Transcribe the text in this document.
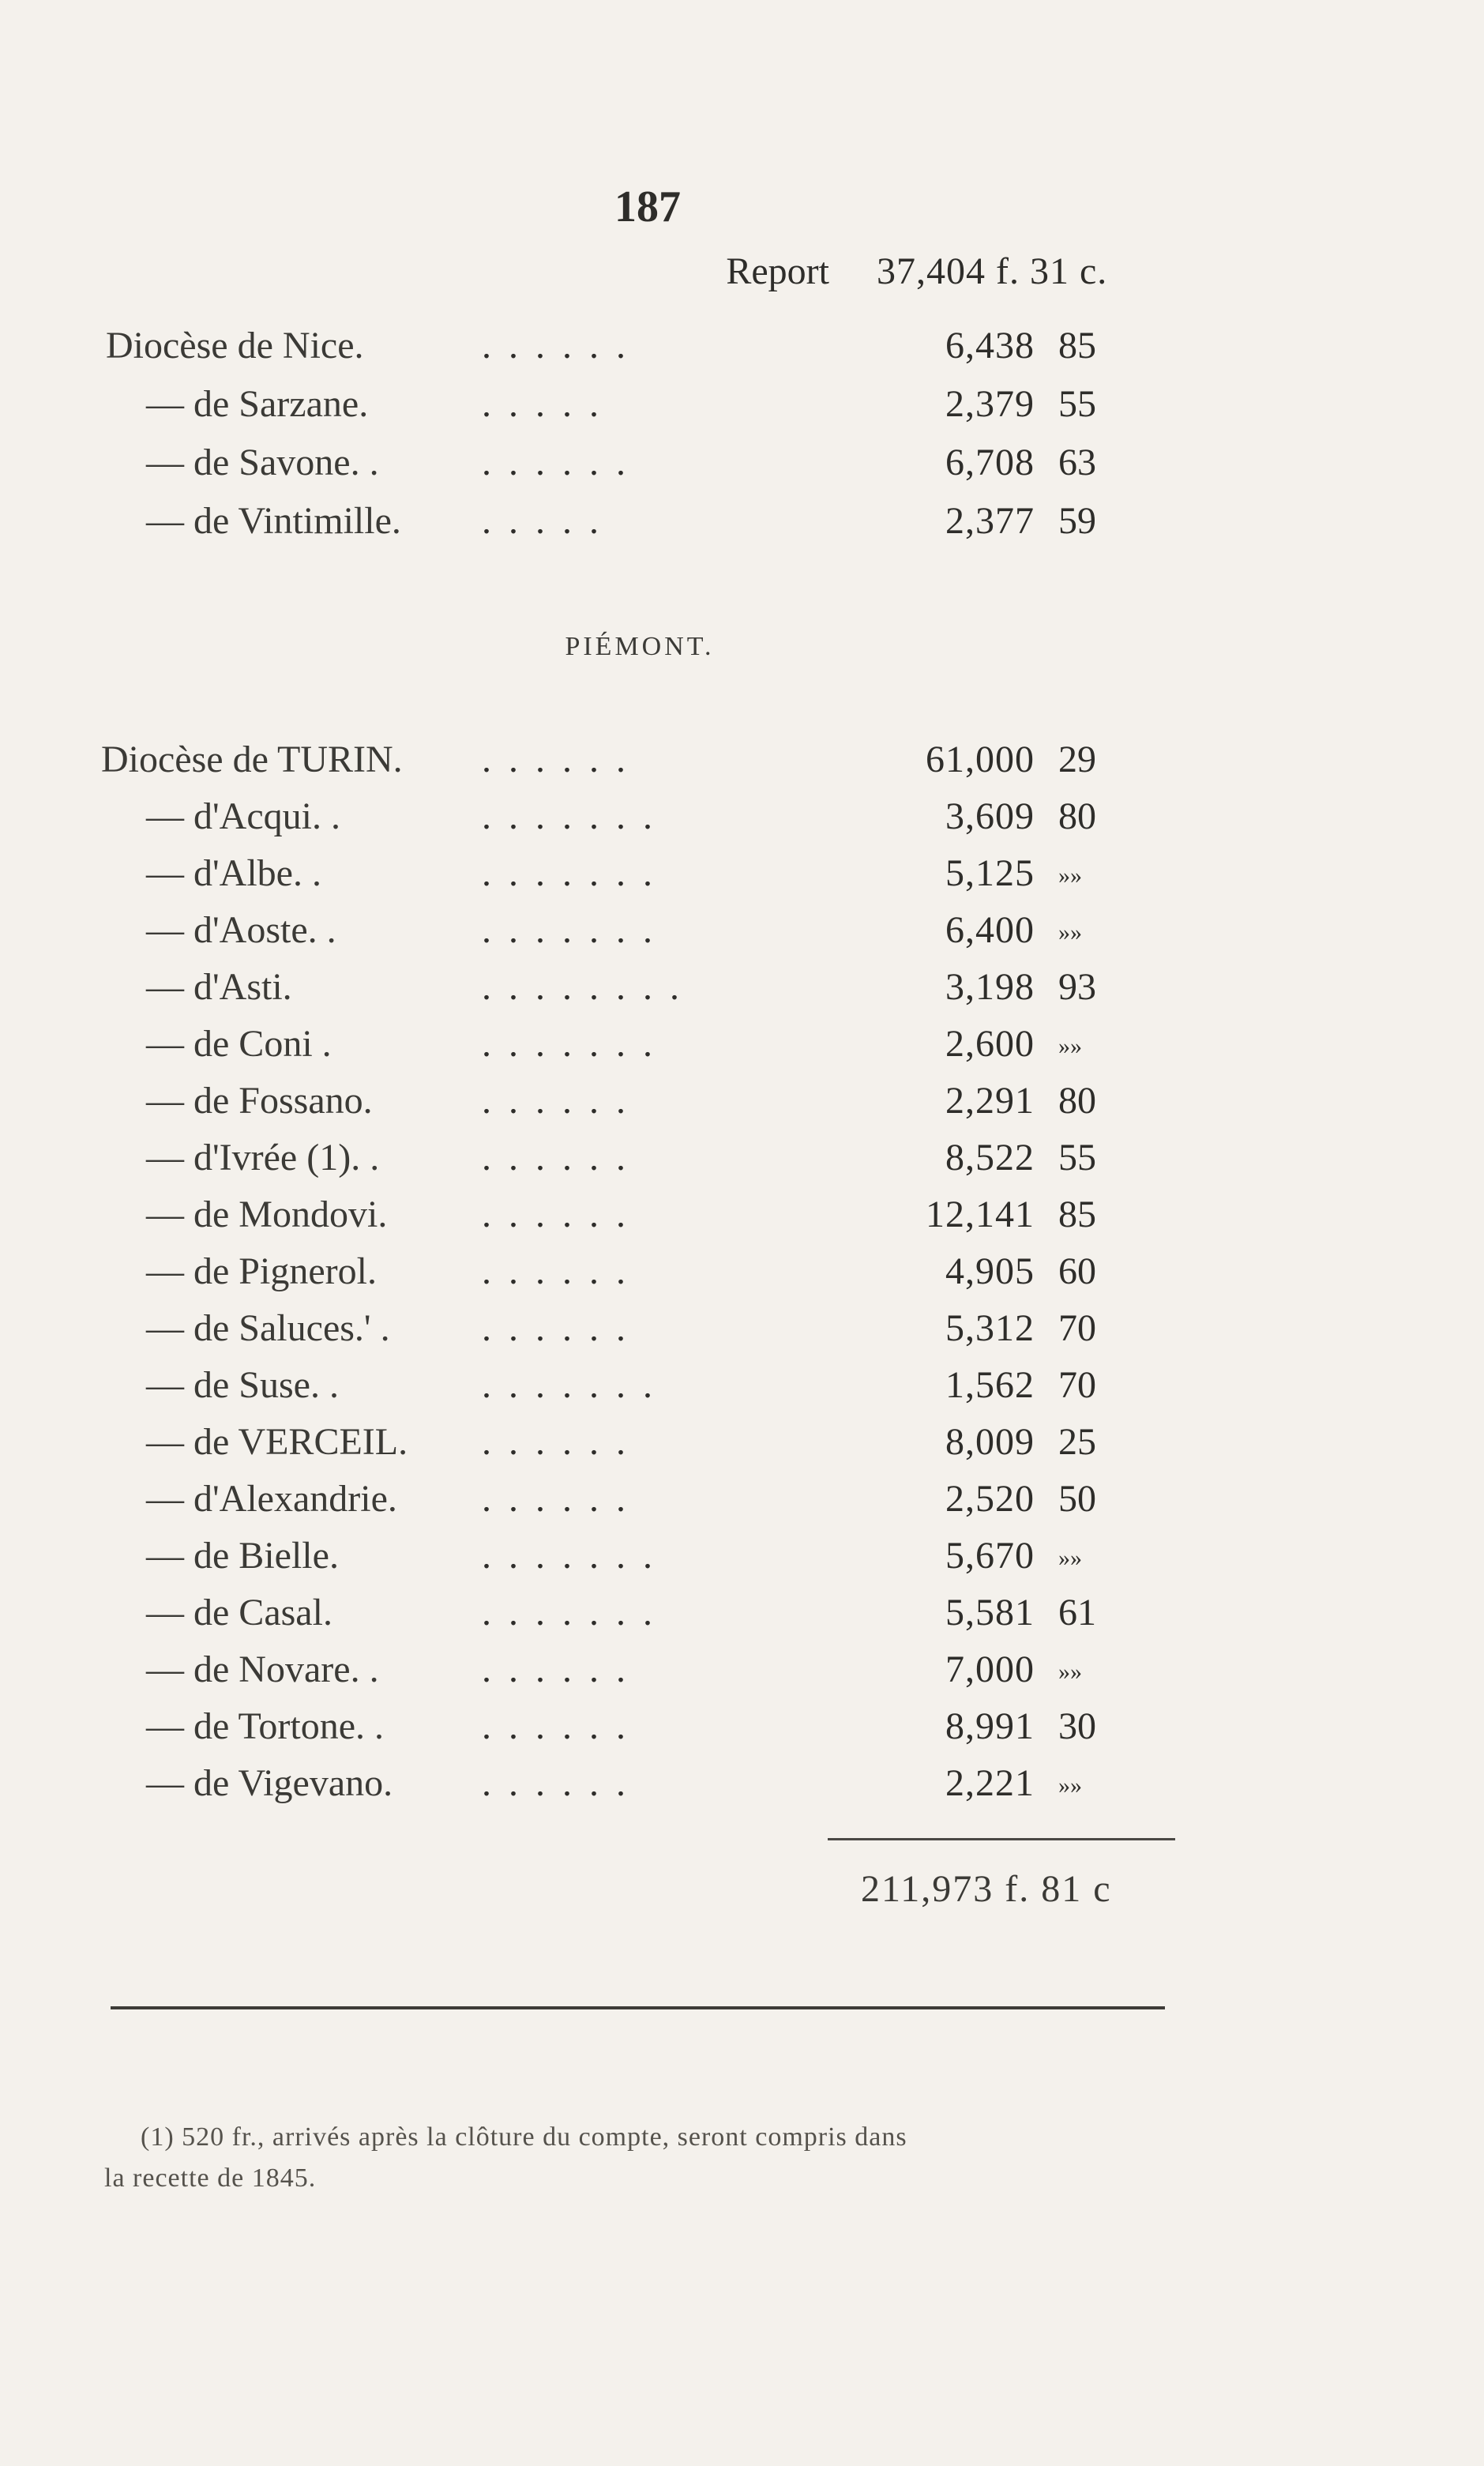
187
Report 37,404 f. 31 c.
Diocèse de Nice.	......	6,438 85
— de Sarzane.	.....	2,379 55
— de Savone. .	......	6,708 63
— de Vintimille. .....	2,377 59
PIÉMONT.
Diocèse de TURIN. ......	61,000 29
— d'Acqui. .	.......	3,609 80
— d'Albe. .	.......	5,125 »»
— d'Aoste. .	.......	6,400 »»
— d'Asti.	........	3,198 93
— de Coni .	.......	2,600 »»
— de Fossano.	......	2,291 80
— d'Ivrée (1). .	......	8,522 55
— de Mondovi. ......	12,141 85
— de Pignerol.	......	4,905 60
— de Saluces.' . ......	5,312 70
— de Suse. .	.......	1,562 70
— de VERCEIL. ......	8,009 25
— d'Alexandrie. ......	2,520 50
— de Bielle.	.......	5,670 »»
— de Casal.	.......	5,581 61
— de Novare. .	......	7,000 »»
— de Tortone. .	......	8,991 30
— de Vigevano. ......	2,221 »»
211,973 f. 81 c
(1) 520 fr., arrivés après la clôture du compte, seront compris dans
la recette de 1845.
